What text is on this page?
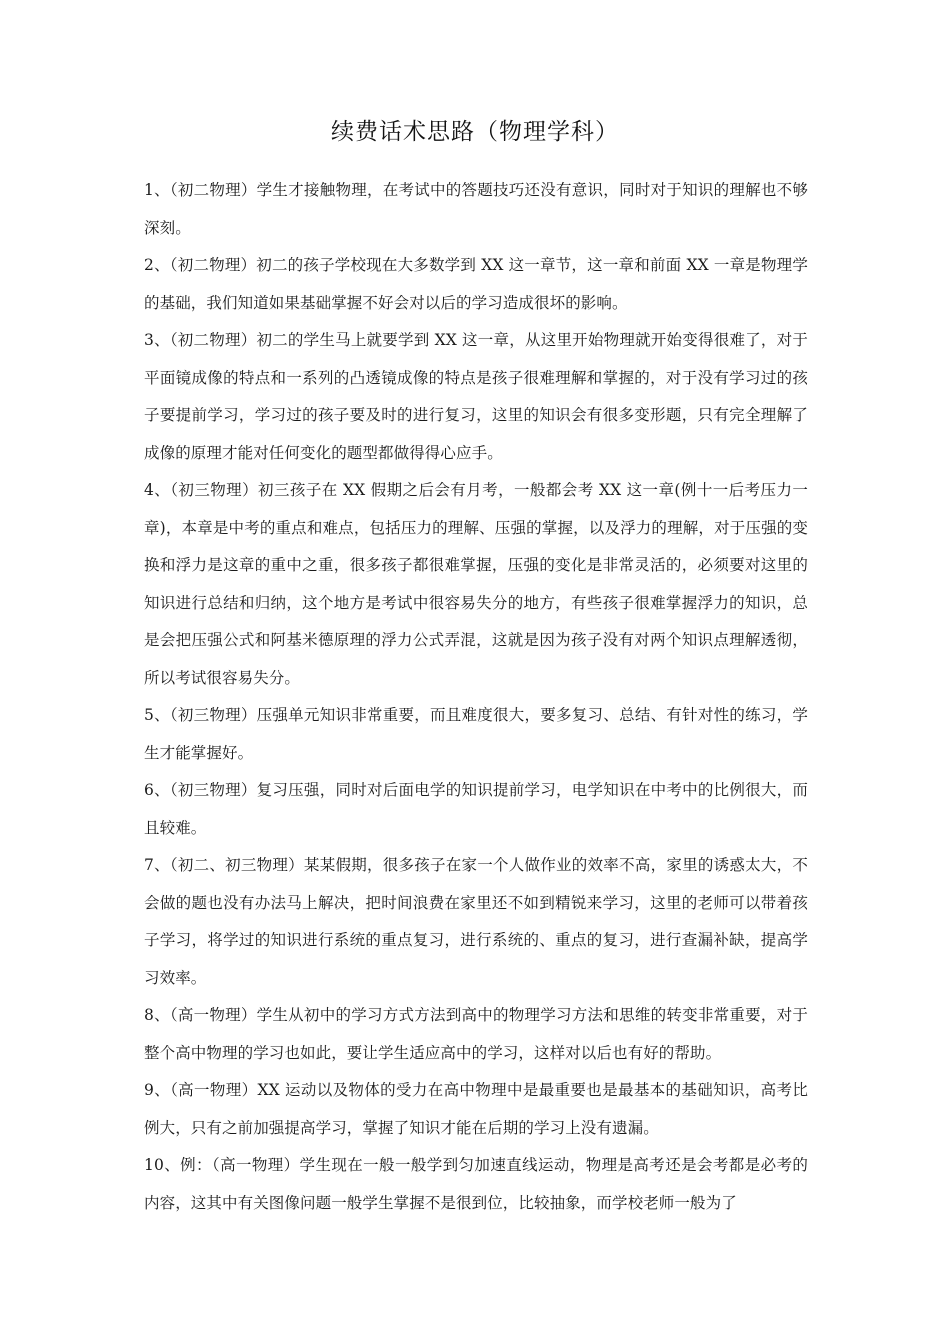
续费话术思路（物理学科）

1、（初二物理）学生才接触物理，在考试中的答题技巧还没有意识，同时对于知识的理解也不够深刻。

2、（初二物理）初二的孩子学校现在大多数学到 XX 这一章节，这一章和前面 XX 一章是物理学的基础，我们知道如果基础掌握不好会对以后的学习造成很坏的影响。

3、（初二物理）初二的学生马上就要学到 XX 这一章，从这里开始物理就开始变得很难了，对于平面镜成像的特点和一系列的凸透镜成像的特点是孩子很难理解和掌握的，对于没有学习过的孩子要提前学习，学习过的孩子要及时的进行复习，这里的知识会有很多变形题，只有完全理解了成像的原理才能对任何变化的题型都做得得心应手。

4、（初三物理）初三孩子在 XX 假期之后会有月考，一般都会考 XX 这一章(例十一后考压力一章)，本章是中考的重点和难点，包括压力的理解、压强的掌握，以及浮力的理解，对于压强的变换和浮力是这章的重中之重，很多孩子都很难掌握，压强的变化是非常灵活的，必须要对这里的知识进行总结和归纳，这个地方是考试中很容易失分的地方，有些孩子很难掌握浮力的知识，总是会把压强公式和阿基米德原理的浮力公式弄混，这就是因为孩子没有对两个知识点理解透彻，所以考试很容易失分。

5、（初三物理）压强单元知识非常重要，而且难度很大，要多复习、总结、有针对性的练习，学生才能掌握好。

6、（初三物理）复习压强，同时对后面电学的知识提前学习，电学知识在中考中的比例很大，而且较难。

7、（初二、初三物理）某某假期，很多孩子在家一个人做作业的效率不高，家里的诱惑太大，不会做的题也没有办法马上解决，把时间浪费在家里还不如到精锐来学习，这里的老师可以带着孩子学习，将学过的知识进行系统的重点复习，进行系统的、重点的复习，进行查漏补缺，提高学习效率。

8、（高一物理）学生从初中的学习方式方法到高中的物理学习方法和思维的转变非常重要，对于整个高中物理的学习也如此，要让学生适应高中的学习，这样对以后也有好的帮助。

9、（高一物理）XX 运动以及物体的受力在高中物理中是最重要也是最基本的基础知识，高考比例大，只有之前加强提高学习，掌握了知识才能在后期的学习上没有遗漏。

10、例：（高一物理）学生现在一般一般学到匀加速直线运动，物理是高考还是会考都是必考的内容，这其中有关图像问题一般学生掌握不是很到位，比较抽象，而学校老师一般为了
